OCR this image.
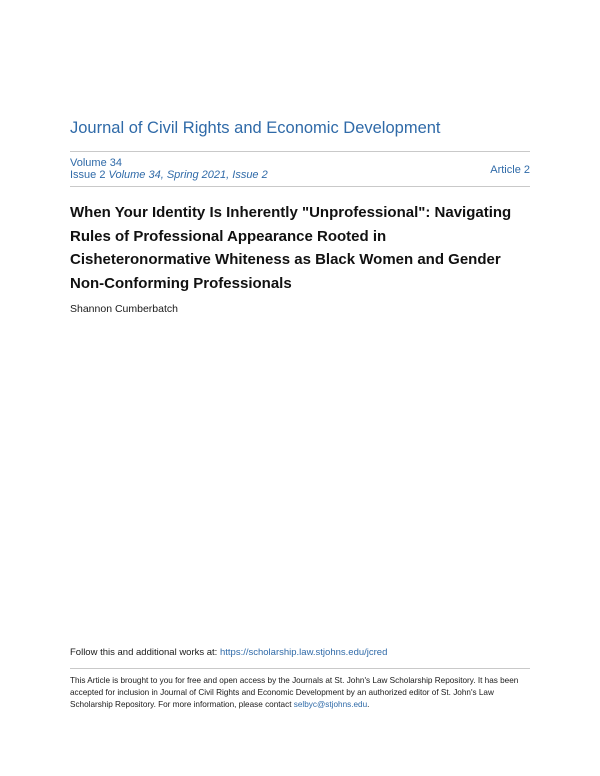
Journal of Civil Rights and Economic Development
Volume 34
Issue 2 Volume 34, Spring 2021, Issue 2	Article 2
When Your Identity Is Inherently "Unprofessional": Navigating Rules of Professional Appearance Rooted in Cisheteronormative Whiteness as Black Women and Gender Non-Conforming Professionals
Shannon Cumberbatch
Follow this and additional works at: https://scholarship.law.stjohns.edu/jcred
This Article is brought to you for free and open access by the Journals at St. John's Law Scholarship Repository. It has been accepted for inclusion in Journal of Civil Rights and Economic Development by an authorized editor of St. John's Law Scholarship Repository. For more information, please contact selbyc@stjohns.edu.
